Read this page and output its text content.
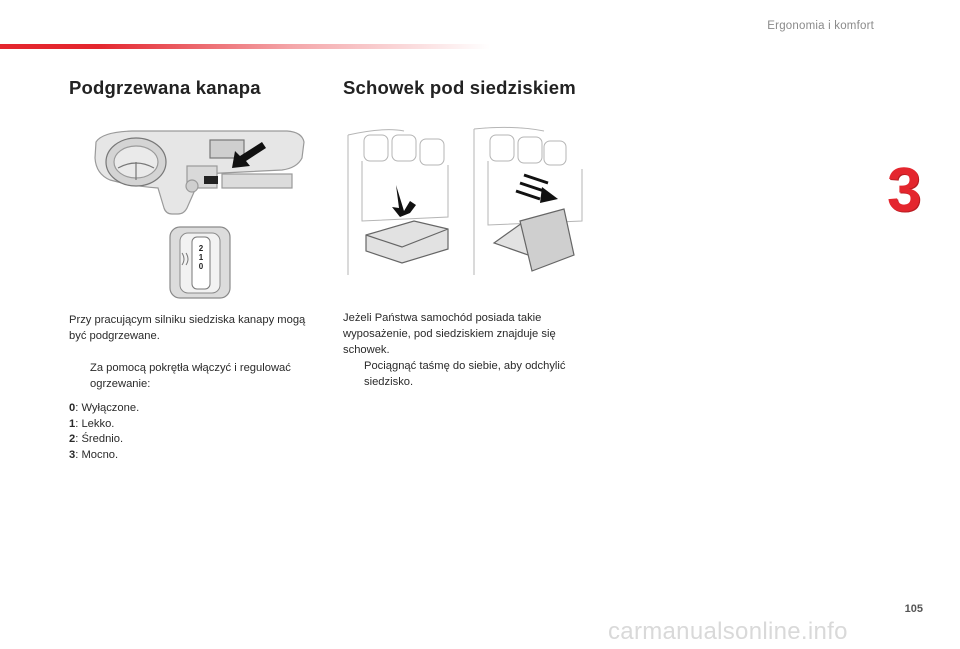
Ergonomia i komfort
3
Podgrzewana kanapa	Schowek pod siedziskiem
2
1
0
Przy pracującym silniku siedziska kanapy mogą być podgrzewane.
Za pomocą pokrętła włączyć i regulować ogrzewanie:
0: Wyłączone.
1: Lekko.
2: Średnio.
3: Mocno.
Jeżeli Państwa samochód posiada takie wyposażenie, pod siedziskiem znajduje się schowek.
Pociągnąć taśmę do siebie, aby odchylić siedzisko.
105
carmanualsonline.info
